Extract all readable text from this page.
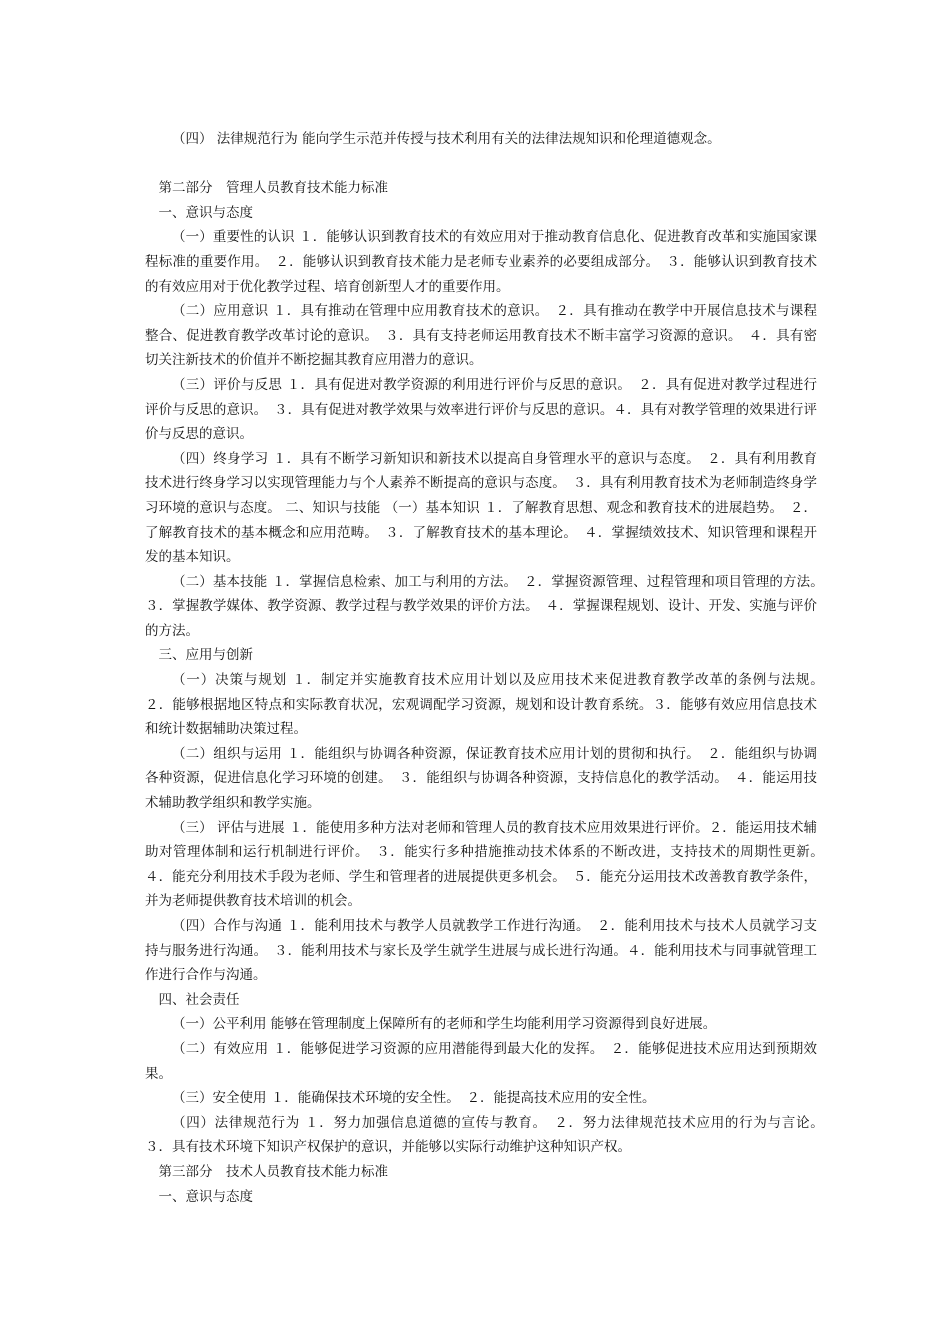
（四） 法律规范行为 能向学生示范并传授与技术利用有关的法律法规知识和伦理道德观念。

第二部分　管理人员教育技术能力标准

一、意识与态度

（一）重要性的认识 １．能够认识到教育技术的有效应用对于推动教育信息化、促进教育改革和实施国家课程标准的重要作用。　２．能够认识到教育技术能力是老师专业素养的必要组成部分。　３．能够认识到教育技术的有效应用对于优化教学过程、培育创新型人才的重要作用。

（二）应用意识 １．具有推动在管理中应用教育技术的意识。　２．具有推动在教学中开展信息技术与课程整合、促进教育教学改革讨论的意识。　３．具有支持老师运用教育技术不断丰富学习资源的意识。　４．具有密切关注新技术的价值并不断挖掘其教育应用潜力的意识。

（三）评价与反思 １．具有促进对教学资源的利用进行评价与反思的意识。　２．具有促进对教学过程进行评价与反思的意识。　３．具有促进对教学效果与效率进行评价与反思的意识。４．具有对教学管理的效果进行评价与反思的意识。

（四）终身学习 １．具有不断学习新知识和新技术以提高自身管理水平的意识与态度。　２．具有利用教育技术进行终身学习以实现管理能力与个人素养不断提高的意识与态度。　３．具有利用教育技术为老师制造终身学习环境的意识与态度。 二、知识与技能 （一）基本知识 １．了解教育思想、观念和教育技术的进展趋势。　２．了解教育技术的基本概念和应用范畴。　３．了解教育技术的基本理论。　４．掌握绩效技术、知识管理和课程开发的基本知识。

（二）基本技能 １．掌握信息检索、加工与利用的方法。　２．掌握资源管理、过程管理和项目管理的方法。　３．掌握教学媒体、教学资源、教学过程与教学效果的评价方法。　４．掌握课程规划、设计、开发、实施与评价的方法。

三、应用与创新

（一）决策与规划 １．制定并实施教育技术应用计划以及应用技术来促进教育教学改革的条例与法规。　２．能够根据地区特点和实际教育状况，宏观调配学习资源，规划和设计教育系统。３．能够有效应用信息技术和统计数据辅助决策过程。

（二）组织与运用 １．能组织与协调各种资源，保证教育技术应用计划的贯彻和执行。　２．能组织与协调各种资源，促进信息化学习环境的创建。　３．能组织与协调各种资源，支持信息化的教学活动。　４．能运用技术辅助教学组织和教学实施。

（三） 评估与进展 １．能使用多种方法对老师和管理人员的教育技术应用效果进行评价。２．能运用技术辅助对管理体制和运行机制进行评价。　３．能实行多种措施推动技术体系的不断改进，支持技术的周期性更新。　４．能充分利用技术手段为老师、学生和管理者的进展提供更多机会。　５．能充分运用技术改善教育教学条件，并为老师提供教育技术培训的机会。

（四）合作与沟通 １．能利用技术与教学人员就教学工作进行沟通。　２．能利用技术与技术人员就学习支持与服务进行沟通。　３．能利用技术与家长及学生就学生进展与成长进行沟通。４．能利用技术与同事就管理工作进行合作与沟通。

四、社会责任

（一）公平利用 能够在管理制度上保障所有的老师和学生均能利用学习资源得到良好进展。

（二）有效应用 １．能够促进学习资源的应用潜能得到最大化的发挥。　２．能够促进技术应用达到预期效果。

（三）安全使用 １．能确保技术环境的安全性。　２．能提高技术应用的安全性。

（四）法律规范行为 １．努力加强信息道德的宣传与教育。　２．努力法律规范技术应用的行为与言论。　３．具有技术环境下知识产权保护的意识，并能够以实际行动维护这种知识产权。

第三部分　技术人员教育技术能力标准

一、意识与态度
